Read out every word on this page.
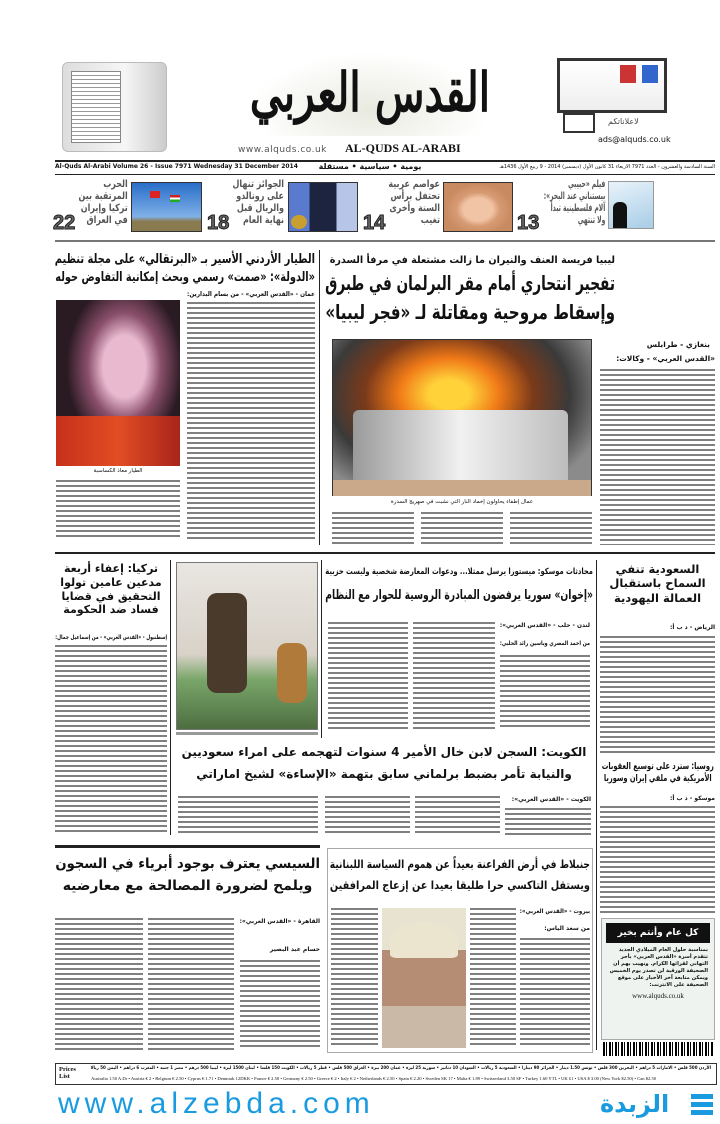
القدس العربي
www.alquds.co.uk	AL-QUDS AL-ARABI
لاعلاناتكم
ads@alquds.co.uk
Al-Quds Al-Arabi Volume 26 - Issue 7971 Wednesday 31 December 2014	يومية • سياسية • مستقلة	السنة السادسة والعشرون - العدد 7971 الاربعاء 31 كانون الأول (ديسمبر) 2014 - 9 ربيع الأول 1436هـ
فيلم «حبيبي بيستناني عند البحر»: آلام فلسطينية تبدأ ولا تنتهي
13
عواصم عربية تحتفل برأس السنة وأخرى تغيب
14
الجوائز تنهال على رونالدو والريال قبل نهاية العام
18
الحرب المرتقبة بين تركيا وإيران في العراق
22
الطيار الأردني الأسير بـ «البرتقالي» على مجلة تنظيم
«الدولة»: «صمت» رسمي وبحث إمكانية التفاوض حوله
عمان - «القدس العربي» - من بسام البدارين:
الطيار معاذ الكساسبة
ليبيا فريسة العنف والنيران ما زالت مشتعلة في مرفأ السدرة
تفجير انتحاري أمام مقر البرلمان في طبرق
وإسقاط مروحية ومقاتلة لـ «فجر ليبيا»
بنغازي - طرابلس
«القدس العربي» - وكالات:
عمال إطفاء يحاولون إخماد النار التي نشبت في صهريج السدرة
تركيا: إعفاء أربعة مدعين عامين تولوا التحقيق في قضايا فساد ضد الحكومة
إسطنبول - «القدس العربي» - من إسماعيل جمال:
محادثات موسكو: ميستورا يرسل ممثلا... ودعوات المعارضة شخصية وليست حزبية
«إخوان» سوريا يرفضون المبادرة الروسية للحوار مع النظام
لندن - حلب - «القدس العربي»:
من احمد المصري وياسين رائد الحلبي:
السعودية تنفي السماح باستقبال العمالة اليهودية
الرياض - د ب أ:
روسيا: سترد على توسيع العقوبات الأمريكية في ملفي إيران وسوريا
موسكو - د ب أ:
كل عام وأنتم بخير
بمناسبة حلول العام الميلادي الجديد تتقدم أسرة «القدس العربي» بأحر التهاني لقرائها الكرام. ونهيب بهم أن الصحيفة الورقية لن تصدر يوم الخميس ويمكن متابعة آخر الأخبار على موقع الصحيفة على الانترنت:
www.alquds.co.uk
الكويت: السجن لابن خال الأمير 4 سنوات لتهجمه على امراء سعوديين
والنيابة تأمر بضبط برلماني سابق بتهمة «الإساءة» لشيخ اماراتي
الكويت - «القدس العربي»:
السيسي يعترف بوجود أبرياء في السجون
ويلمح لضرورة المصالحة مع معارضيه
القاهرة - «القدس العربي»:
حسام عبد البصير
جنبلاط في أرض الفراعنة بعيداً عن هموم السياسة اللبنانية
ويستقل التاكسي حرا طليقا بعيدا عن إزعاج المرافقين
بيروت - «القدس العربي»:
من سعد الياس:
Prices List
الأردن 500 فلس • الامارات 5 دراهم • البحرين 300 فلس • تونس 1.50 دينار • الجزائر 90 دينارا • السعودية 5 ريالات • السودان 10 دنانير • سورية 25 ليرة • عمان 200 بيزة • العراق 500 فلس • قطر 5 ريالات • الكويت 150 فلسا • لبنان 1500 ليرة • ليبيا 500 درهم • مصر 1 جنيه • المغرب 6 دراهم • اليمن 50 ريالا
Australia 1.50 A.Dr • Austria € 2 • Belgium € 2.50 • Cyprus € 1.71 • Denmark 12DKK • France € 2.50 • Germany € 2.50 • Greece € 2 • Italy € 2 • Netherlands € 2.50 • Spain € 2.20 • Sweden SK 17 • Malta € 1.89 • Switzerland 3.50 SF • Turkey 1.60 YTL • UK £1 • USA $ 3.00 (New York $2.50) • Can $2.50
www.alzebda.com	الزبدة
